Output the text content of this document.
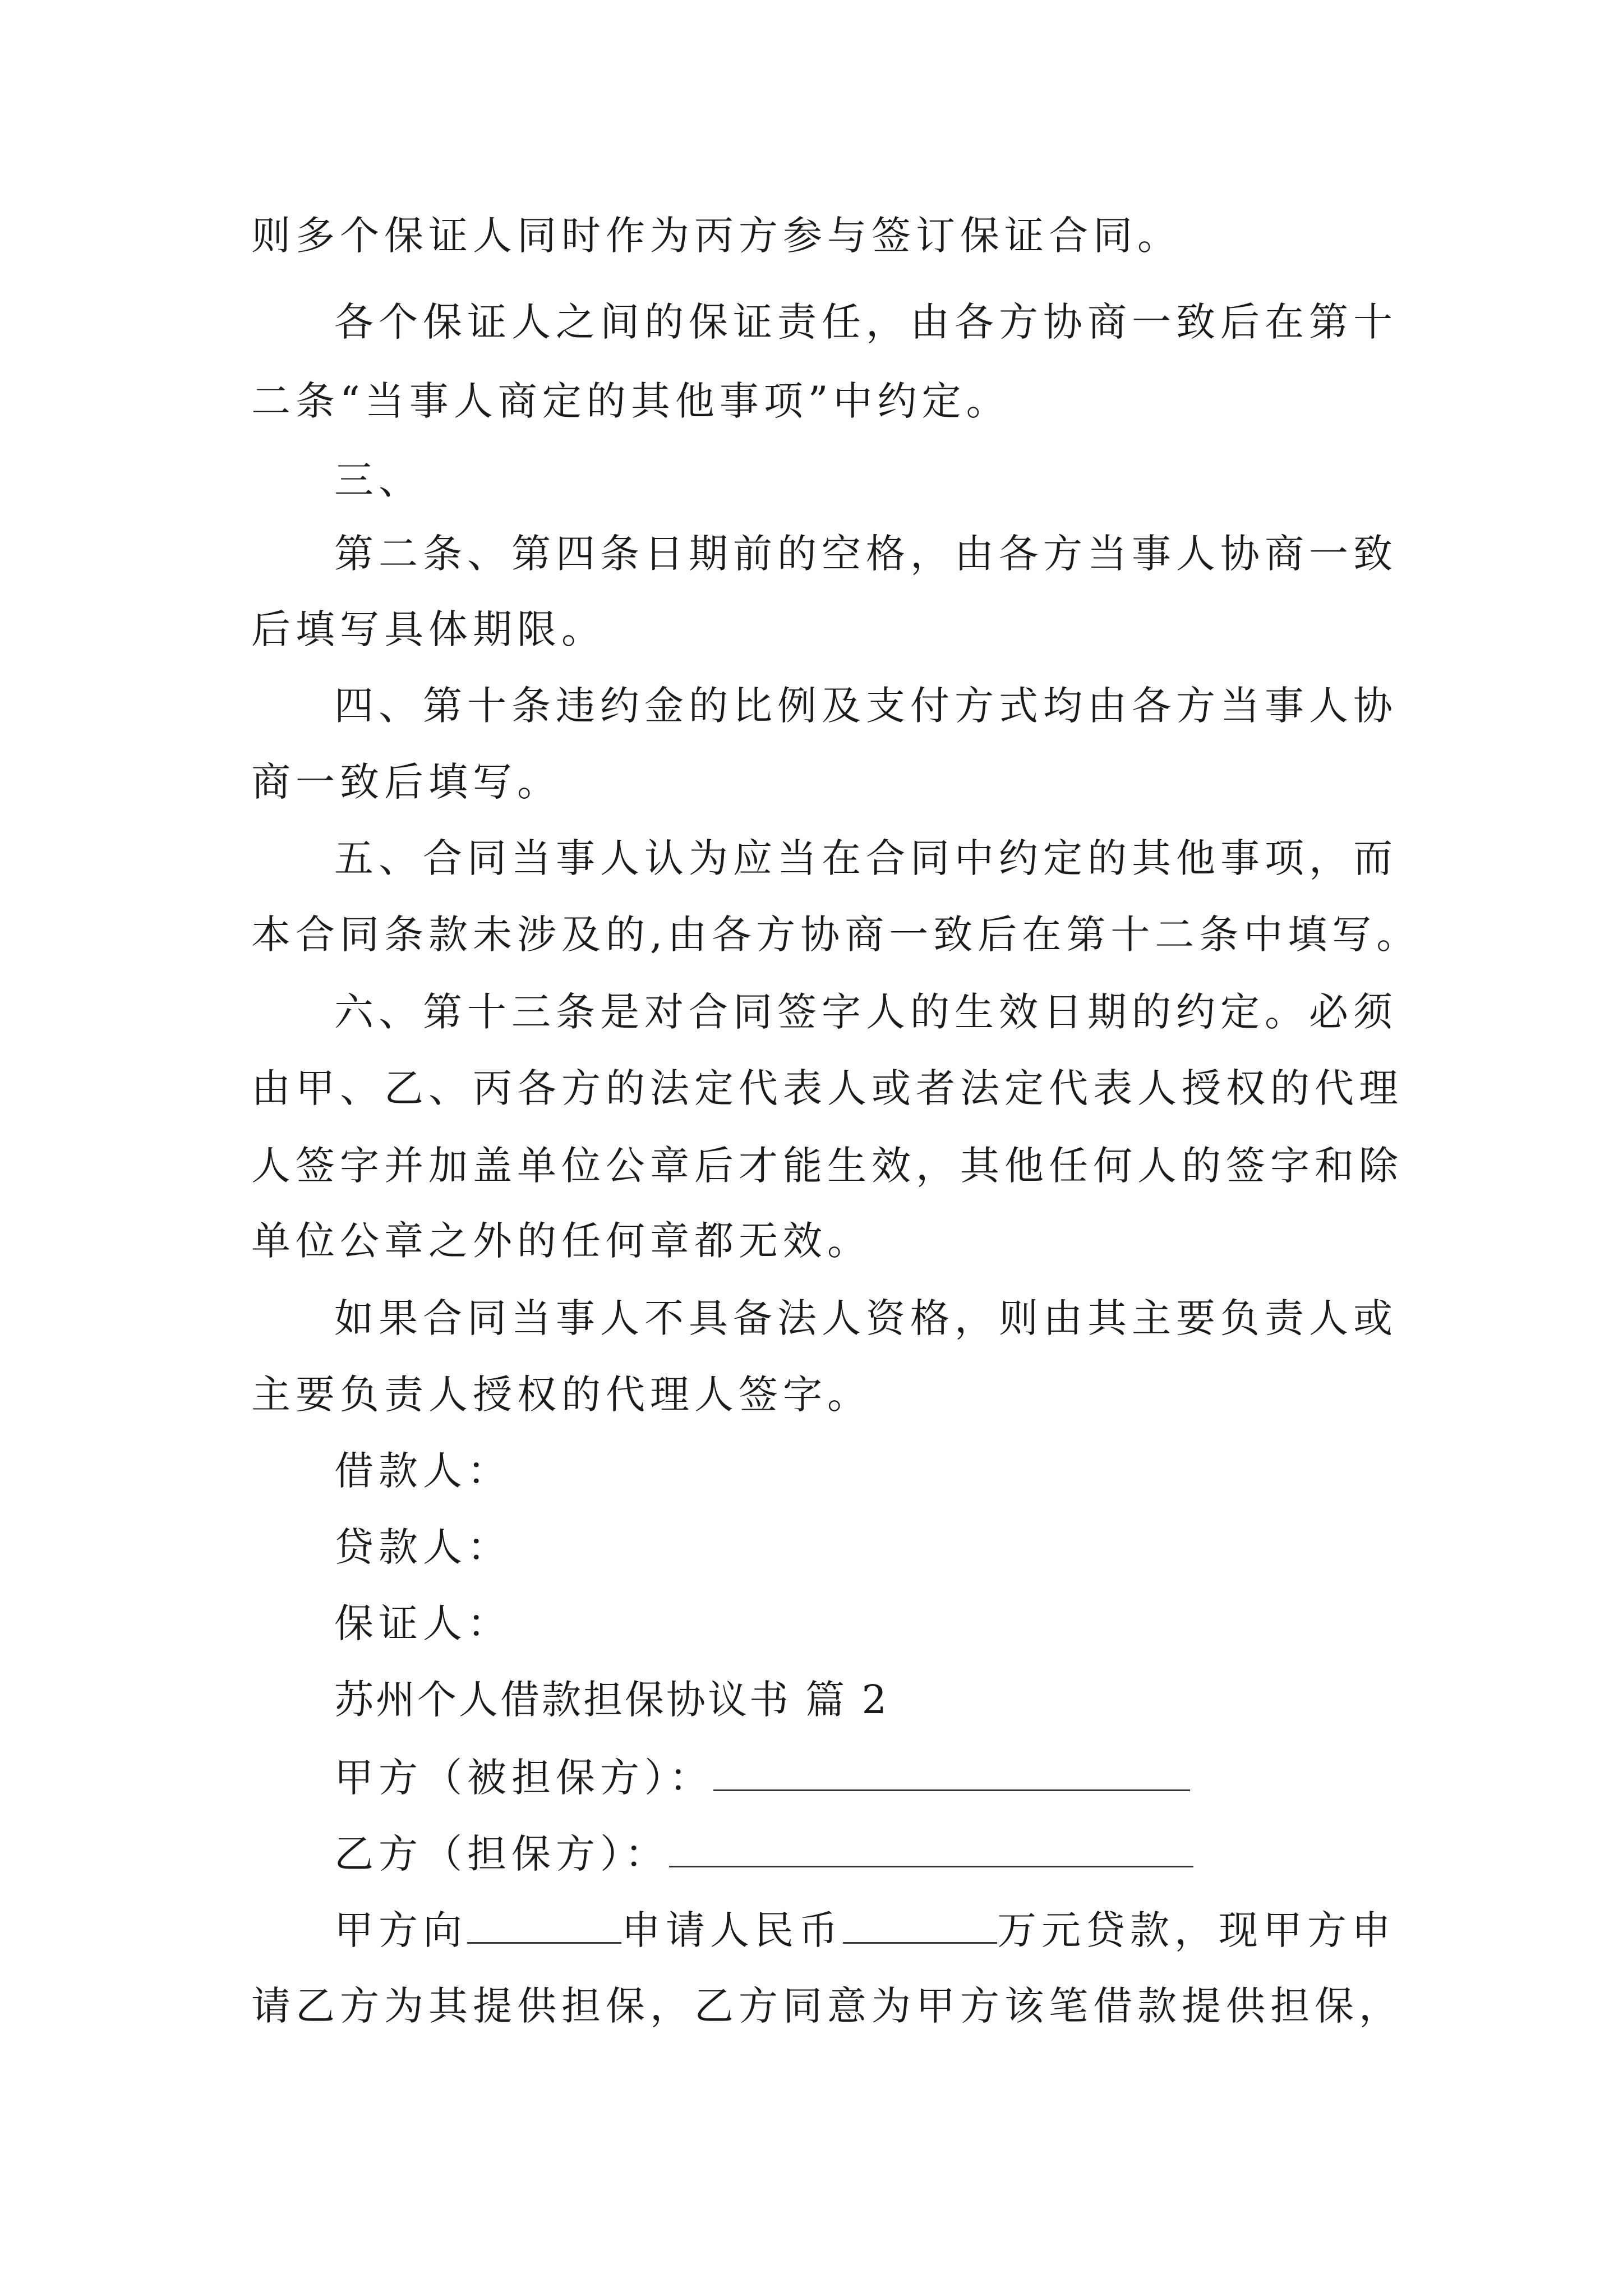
则多个保证人同时作为丙方参与签订保证合同。
各个保证人之间的保证责任，由各方协商一致后在第十
二条“当事人商定的其他事项”中约定。
三、
第二条、第四条日期前的空格，由各方当事人协商一致
后填写具体期限。
四、第十条违约金的比例及支付方式均由各方当事人协
商一致后填写。
五、合同当事人认为应当在合同中约定的其他事项，而
本合同条款未涉及的,由各方协商一致后在第十二条中填写。
六、第十三条是对合同签字人的生效日期的约定。必须
由甲、乙、丙各方的法定代表人或者法定代表人授权的代理
人签字并加盖单位公章后才能生效，其他任何人的签字和除
单位公章之外的任何章都无效。
如果合同当事人不具备法人资格，则由其主要负责人或
主要负责人授权的代理人签字。
借款人：
贷款人：
保证人：
苏州个人借款担保协议书 篇 2
甲方（被担保方）：
乙方（担保方）：
甲方向	申请人民币	万元贷款，现甲方申
请乙方为其提供担保，乙方同意为甲方该笔借款提供担保，
